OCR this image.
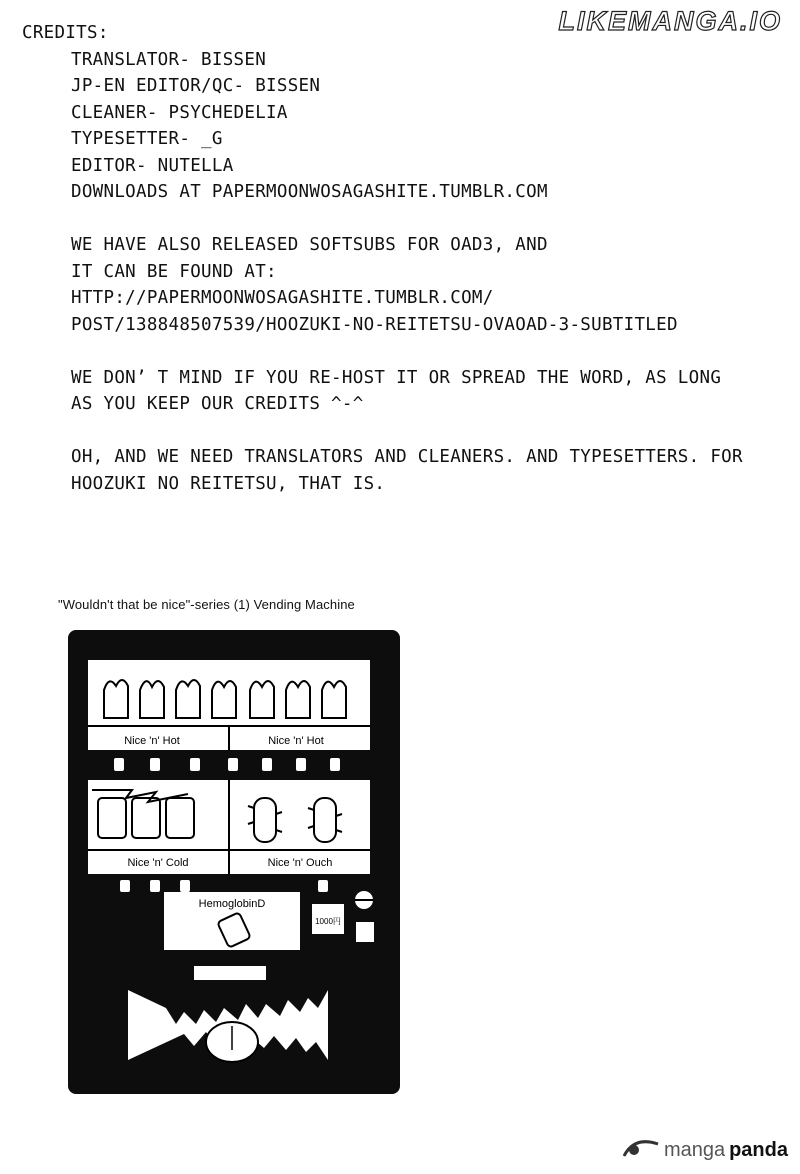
LIKEMANGA.IO
CREDITS:
TRANSLATOR- BISSEN
JP-EN EDITOR/QC- BISSEN
CLEANER- PSYCHEDELIA
TYPESETTER- _G
EDITOR- NUTELLA
DOWNLOADS AT PAPERMOONWOSAGASHITE.TUMBLR.COM
WE HAVE ALSO RELEASED SOFTSUBS FOR OAD3, AND
IT CAN BE FOUND AT:
HTTP://PAPERMOONWOSAGASHITE.TUMBLR.COM/
POST/138848507539/HOOZUKI-NO-REITETSU-OVAOAD-3-SUBTITLED
WE DON’ T MIND IF YOU RE-HOST IT OR SPREAD THE WORD, AS LONG
AS YOU KEEP OUR CREDITS ^-^
OH, AND WE NEED TRANSLATORS AND CLEANERS. AND TYPESETTERS. FOR
HOOZUKI NO REITETSU, THAT IS.
"Wouldn't that be nice"-series (1) Vending Machine
Nice 'n' Hot	Nice 'n' Hot
Nice 'n' Cold	Nice 'n' Ouch
HemoglobinD
1000円
manga panda
